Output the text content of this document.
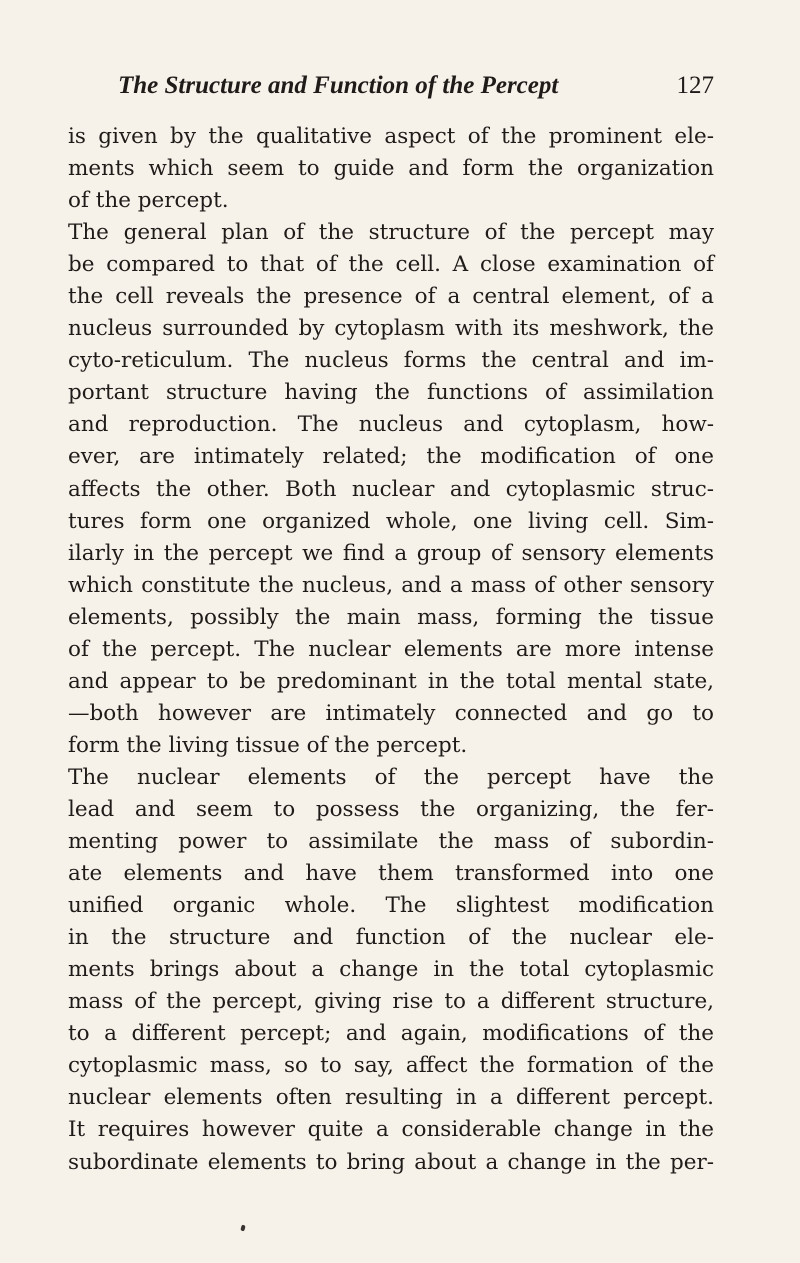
The Structure and Function of the Percept	127
is given by the qualitative aspect of the prominent ele-
ments which seem to guide and form the organization
of the percept.
The general plan of the structure of the percept may
be compared to that of the cell. A close examination of
the cell reveals the presence of a central element, of a
nucleus surrounded by cytoplasm with its meshwork, the
cyto-reticulum. The nucleus forms the central and im-
portant structure having the functions of assimilation
and reproduction. The nucleus and cytoplasm, how-
ever, are intimately related; the modification of one
affects the other. Both nuclear and cytoplasmic struc-
tures form one organized whole, one living cell. Sim-
ilarly in the percept we find a group of sensory elements
which constitute the nucleus, and a mass of other sensory
elements, possibly the main mass, forming the tissue
of the percept. The nuclear elements are more intense
and appear to be predominant in the total mental state,
—both however are intimately connected and go to
form the living tissue of the percept.
The nuclear elements of the percept have the
lead and seem to possess the organizing, the fer-
menting power to assimilate the mass of subordin-
ate elements and have them transformed into one
unified organic whole. The slightest modification
in the structure and function of the nuclear ele-
ments brings about a change in the total cytoplasmic
mass of the percept, giving rise to a different structure,
to a different percept; and again, modifications of the
cytoplasmic mass, so to say, affect the formation of the
nuclear elements often resulting in a different percept.
It requires however quite a considerable change in the
subordinate elements to bring about a change in the per-
